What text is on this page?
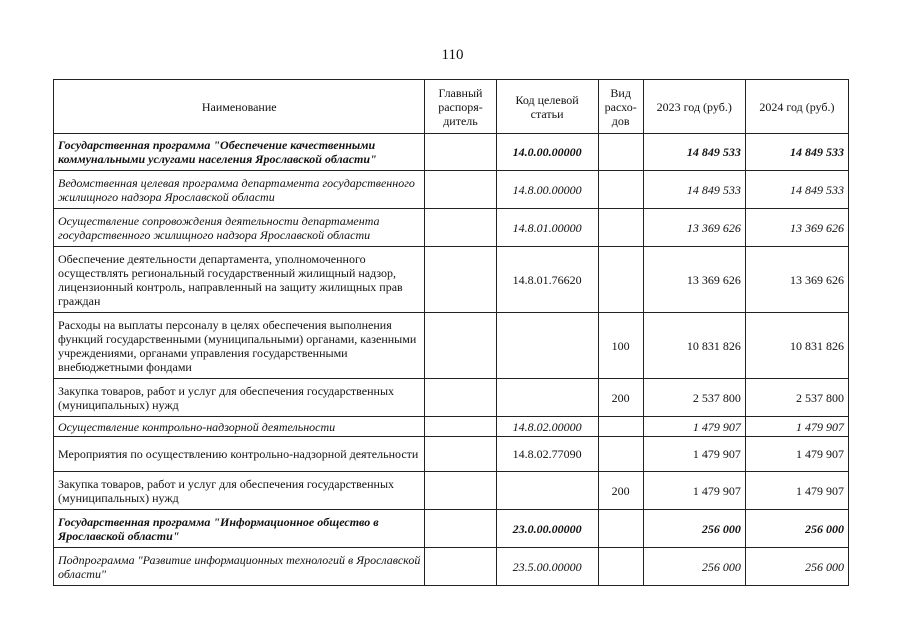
110
Наименование	Главный распоря-дитель	Код целевой статьи	Вид расхо-дов	2023 год (руб.)	2024 год (руб.)
Государственная программа "Обеспечение качественными коммунальными услугами населения Ярославской области"		14.0.00.00000		14 849 533	14 849 533
Ведомственная целевая программа департамента государственного жилищного надзора Ярославской области		14.8.00.00000		14 849 533	14 849 533
Осуществление сопровождения деятельности департамента государственного жилищного надзора Ярославской области		14.8.01.00000		13 369 626	13 369 626
Обеспечение деятельности департамента, уполномоченного осуществлять региональный государственный жилищный надзор, лицензионный контроль, направленный на защиту жилищных прав граждан		14.8.01.76620		13 369 626	13 369 626
Расходы на выплаты персоналу в целях обеспечения выполнения функций государственными (муниципальными) органами, казенными учреждениями, органами управления государственными внебюджетными фондами			100	10 831 826	10 831 826
Закупка товаров, работ и услуг для обеспечения государственных (муниципальных) нужд			200	2 537 800	2 537 800
Осуществление контрольно-надзорной деятельности		14.8.02.00000		1 479 907	1 479 907
Мероприятия по осуществлению контрольно-надзорной деятельности		14.8.02.77090		1 479 907	1 479 907
Закупка товаров, работ и услуг для обеспечения государственных (муниципальных) нужд			200	1 479 907	1 479 907
Государственная программа "Информационное общество в Ярославской области"		23.0.00.00000		256 000	256 000
Подпрограмма "Развитие информационных технологий в Ярославской области"		23.5.00.00000		256 000	256 000
